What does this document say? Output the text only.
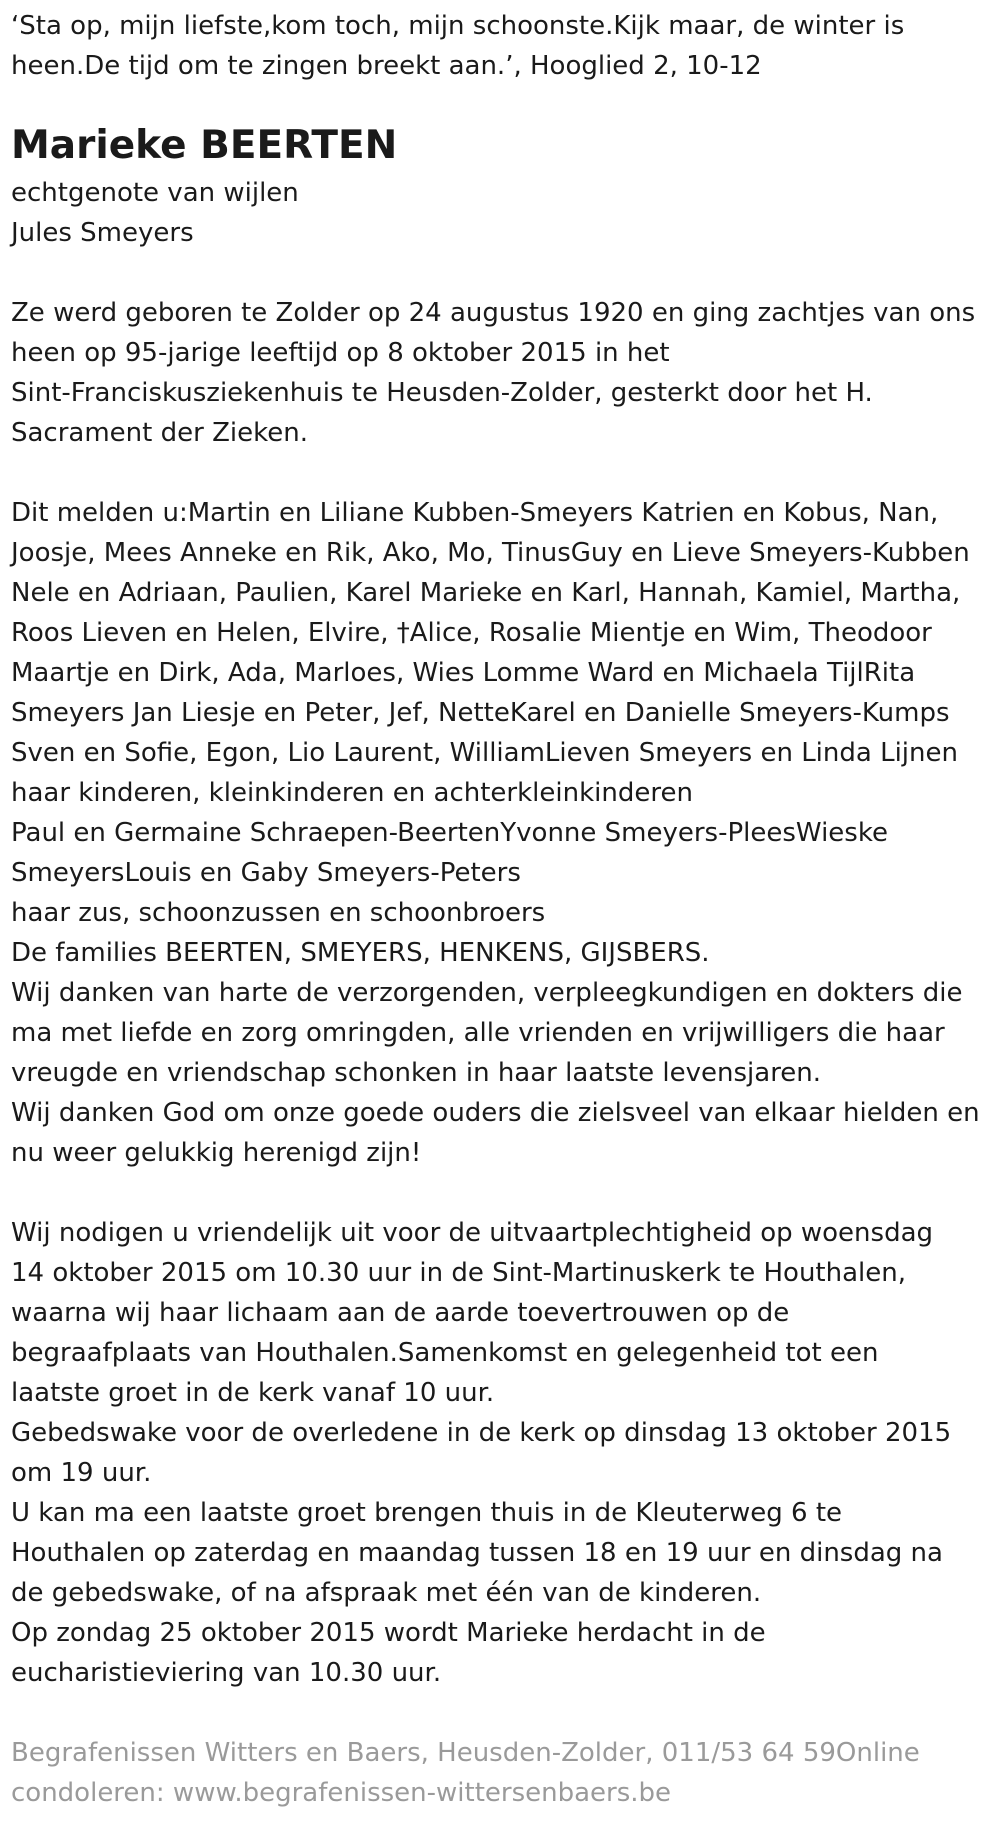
‘Sta op, mijn liefste,kom toch, mijn schoonste.Kijk maar, de winter is
heen.De tijd om te zingen breekt aan.’, Hooglied 2, 10-12
Marieke BEERTEN
echtgenote van wijlen
Jules Smeyers
Ze werd geboren te Zolder op 24 augustus 1920 en ging zachtjes van ons
heen op 95-jarige leeftijd op 8 oktober 2015 in het
Sint-Franciskusziekenhuis te Heusden-Zolder, gesterkt door het H.
Sacrament der Zieken.
Dit melden u:Martin en Liliane Kubben-Smeyers Katrien en Kobus, Nan,
Joosje, Mees Anneke en Rik, Ako, Mo, TinusGuy en Lieve Smeyers-Kubben
Nele en Adriaan, Paulien, Karel Marieke en Karl, Hannah, Kamiel, Martha,
Roos Lieven en Helen, Elvire, †Alice, Rosalie Mientje en Wim, Theodoor
Maartje en Dirk, Ada, Marloes, Wies Lomme Ward en Michaela TijlRita
Smeyers Jan Liesje en Peter, Jef, NetteKarel en Danielle Smeyers-Kumps
Sven en Sofie, Egon, Lio Laurent, WilliamLieven Smeyers en Linda Lijnen
haar kinderen, kleinkinderen en achterkleinkinderen
Paul en Germaine Schraepen-BeertenYvonne Smeyers-PleesWieske
SmeyersLouis en Gaby Smeyers-Peters
haar zus, schoonzussen en schoonbroers
De families BEERTEN, SMEYERS, HENKENS, GIJSBERS.
Wij danken van harte de verzorgenden, verpleegkundigen en dokters die
ma met liefde en zorg omringden, alle vrienden en vrijwilligers die haar
vreugde en vriendschap schonken in haar laatste levensjaren.
Wij danken God om onze goede ouders die zielsveel van elkaar hielden en
nu weer gelukkig herenigd zijn!
Wij nodigen u vriendelijk uit voor de uitvaartplechtigheid op woensdag
14 oktober 2015 om 10.30 uur in de Sint-Martinuskerk te Houthalen,
waarna wij haar lichaam aan de aarde toevertrouwen op de
begraafplaats van Houthalen.Samenkomst en gelegenheid tot een
laatste groet in de kerk vanaf 10 uur.
Gebedswake voor de overledene in de kerk op dinsdag 13 oktober 2015
om 19 uur.
U kan ma een laatste groet brengen thuis in de Kleuterweg 6 te
Houthalen op zaterdag en maandag tussen 18 en 19 uur en dinsdag na
de gebedswake, of na afspraak met één van de kinderen.
Op zondag 25 oktober 2015 wordt Marieke herdacht in de
eucharistieviering van 10.30 uur.
Begrafenissen Witters en Baers, Heusden-Zolder, 011/53 64 59Online
condoleren: www.begrafenissen-wittersenbaers.be
